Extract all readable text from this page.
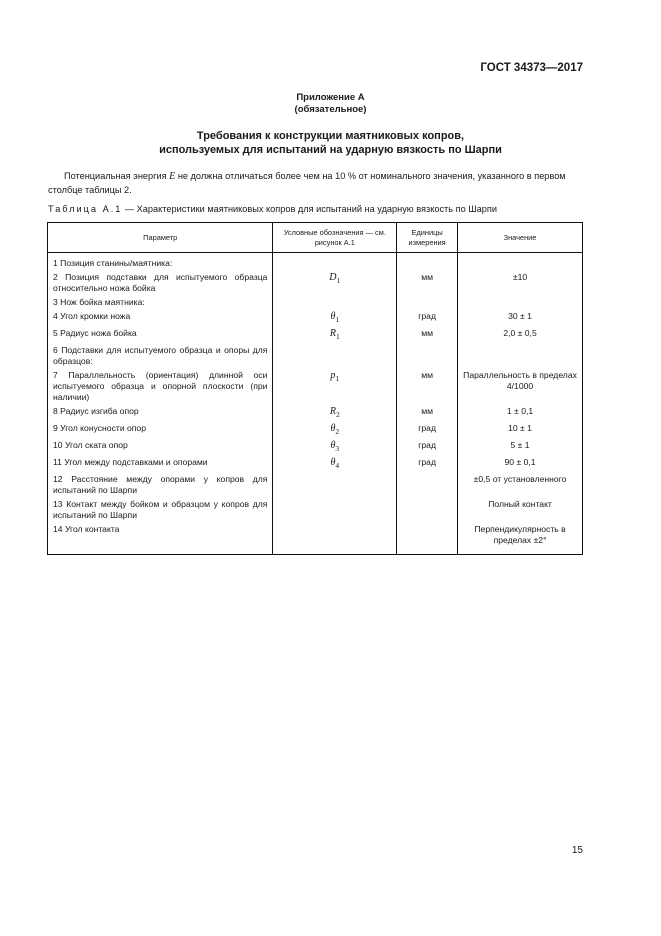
ГОСТ 34373—2017
Приложение А
(обязательное)
Требования к конструкции маятниковых копров,
используемых для испытаний на ударную вязкость по Шарпи
Потенциальная энергия E не должна отличаться более чем на 10 % от номинального значения, указанного в первом столбце таблицы 2.
Таблица А.1 — Характеристики маятниковых копров для испытаний на ударную вязкость по Шарпи
Параметр	Условные обозначения — см. рисунок А.1	Единицы измерения	Значение
1 Позиция станины/маятника:			
2 Позиция подставки для испытуемого образца относительно ножа бойка	$D_1$	мм	±10
3 Нож бойка маятника:			
4 Угол кромки ножа	$\theta_1$	град	30 ± 1
5 Радиус ножа бойка	$R_1$	мм	2,0 ± 0,5
6 Подставки для испытуемого образца и опоры для образцов:			
7 Параллельность (ориентация) длинной оси испытуемого образца и опорной плоскости (при наличии)	$p_1$	мм	Параллельность в пределах 4/1000
8 Радиус изгиба опор	$R_2$	мм	1 ± 0,1
9 Угол конусности опор	$\theta_2$	град	10 ± 1
10 Угол ската опор	$\theta_3$	град	5 ± 1
11 Угол между подставками и опорами	$\theta_4$	град	90 ± 0,1
12 Расстояние между опорами у копров для испытаний по Шарпи			±0,5 от установленного
13 Контакт между бойком и образцом у копров для испытаний по Шарпи			Полный контакт
14 Угол контакта			Перпендикулярность в пределах ±2°
15
